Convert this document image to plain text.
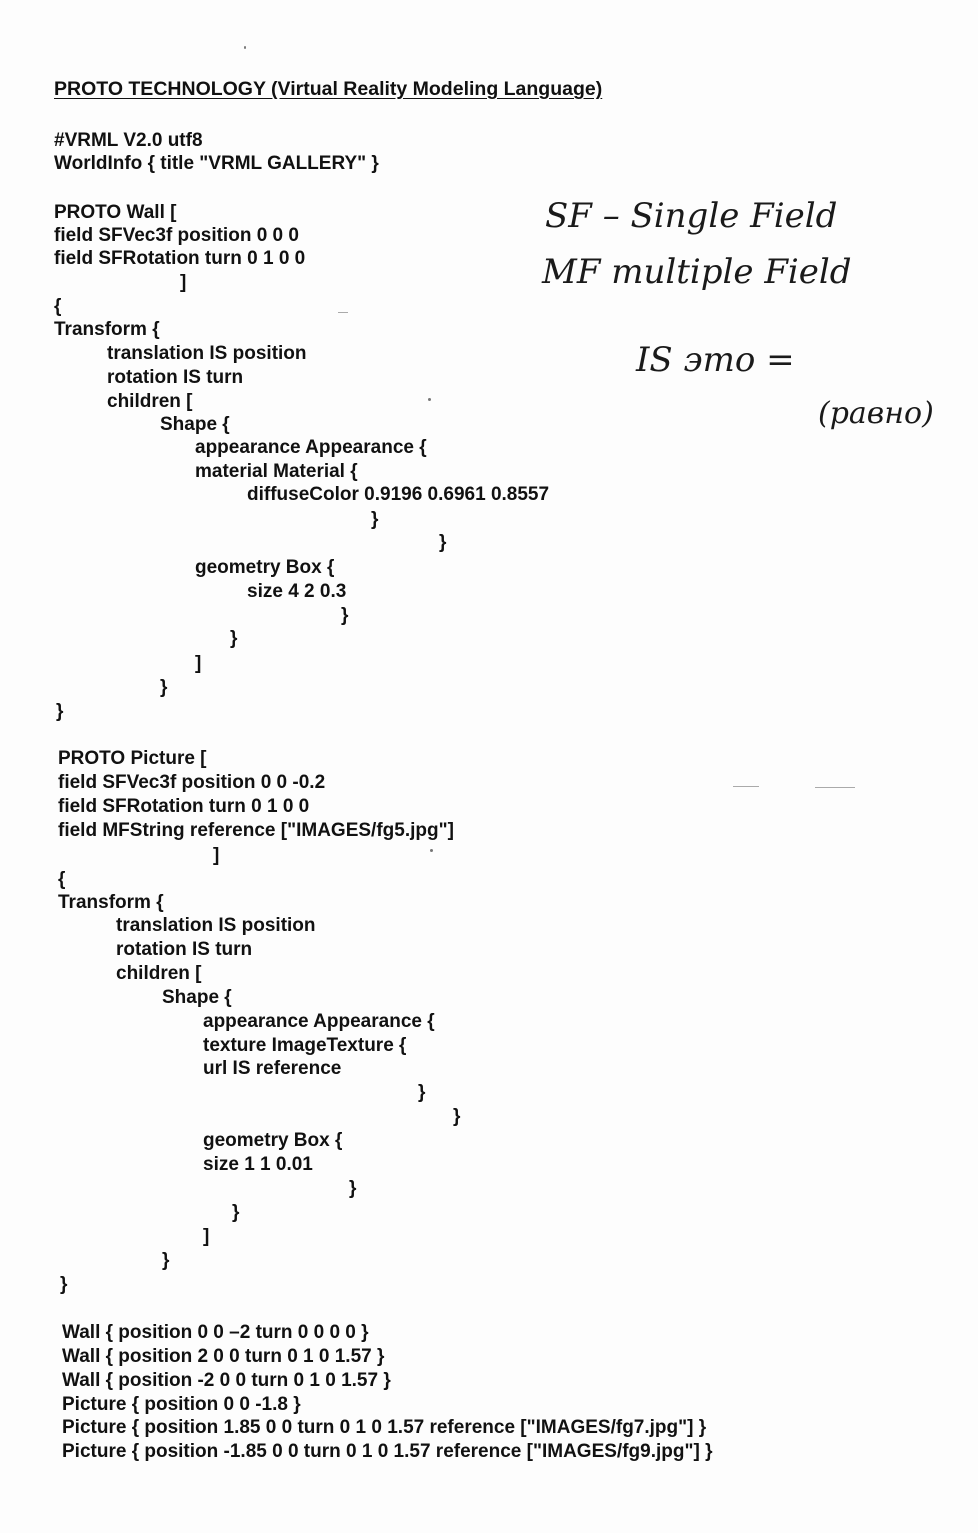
PROTO TECHNOLOGY (Virtual Reality Modeling Language)
#VRML V2.0 utf8
WorldInfo { title "VRML GALLERY" }
PROTO Wall [
field SFVec3f position 0 0 0
field SFRotation turn 0 1 0 0
]
{
Transform {
translation IS position
rotation IS turn
children [
Shape {
appearance Appearance {
material Material {
diffuseColor 0.9196 0.6961 0.8557
}
}
geometry Box {
size 4 2 0.3
}
}
]
}
}
PROTO Picture [
field SFVec3f position 0 0 -0.2
field SFRotation turn 0 1 0 0
field MFString reference ["IMAGES/fg5.jpg"]
]
{
Transform {
translation IS position
rotation IS turn
children [
Shape {
appearance Appearance {
texture ImageTexture {
url IS reference
}
}
geometry Box {
size 1 1 0.01
}
}
]
}
}
Wall { position 0 0 –2 turn 0 0 0 0 }
Wall { position 2 0 0 turn 0 1 0 1.57 }
Wall { position -2 0 0 turn 0 1 0 1.57 }
Picture { position 0 0 -1.8 }
Picture { position 1.85 0 0 turn 0 1 0 1.57 reference ["IMAGES/fg7.jpg"] }
Picture { position -1.85 0 0 turn 0 1 0 1.57 reference ["IMAGES/fg9.jpg"] }
SF – Single Field
MF multiple Field
IS это =
(равно)
